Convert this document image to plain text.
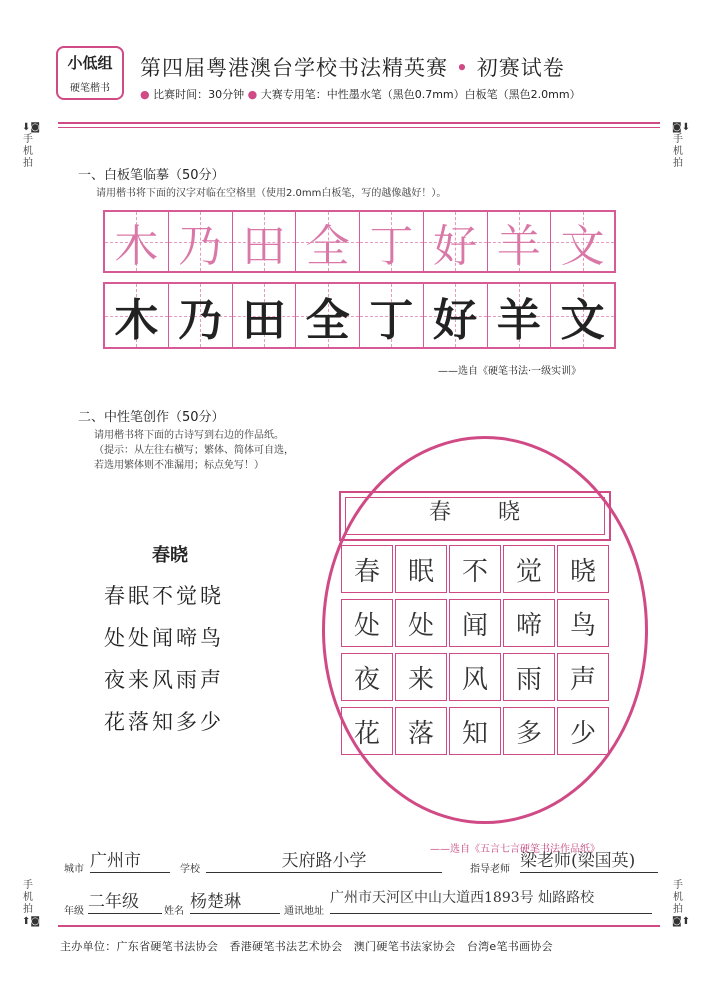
小低组
硬笔楷书
第四届粤港澳台学校书法精英赛 • 初赛试卷
● 比赛时间：30分钟 ● 大赛专用笔：中性墨水笔（黑色0.7mm）白板笔（黑色2.0mm）
⬇◙
手机拍
◙⬇
手机拍
手机拍
⬆◙
手机拍
◙⬆
一、白板笔临摹（50分）
请用楷书将下面的汉字对临在空格里（使用2.0mm白板笔，写的越像越好！）。
木 乃 田 全 丁 好 羊 文
木 乃 田 全 丁 好 羊 文
——选自《硬笔书法·一级实训》
二、中性笔创作（50分）
请用楷书将下面的古诗写到右边的作品纸。
（提示：从左往右横写；繁体、简体可自选，
若选用繁体则不准漏用；标点免写！）
春晓
春眠不觉晓
处处闻啼鸟
夜来风雨声
花落知多少
春　　晓
春 眠 不 觉 晓
处 处 闻 啼 鸟
夜 来 风 雨 声
花 落 知 多 少
——选自《五言七言硬笔书法作品纸》
城市 广州市	学校	天府路小学	指导老师 梁老师(梁国英)
年级 二年级	姓名 杨楚琳	通讯地址
广州市天河区中山大道西1893号 灿路路校
主办单位：广东省硬笔书法协会　香港硬笔书法艺术协会　澳门硬笔书法家协会　台湾e笔书画协会
